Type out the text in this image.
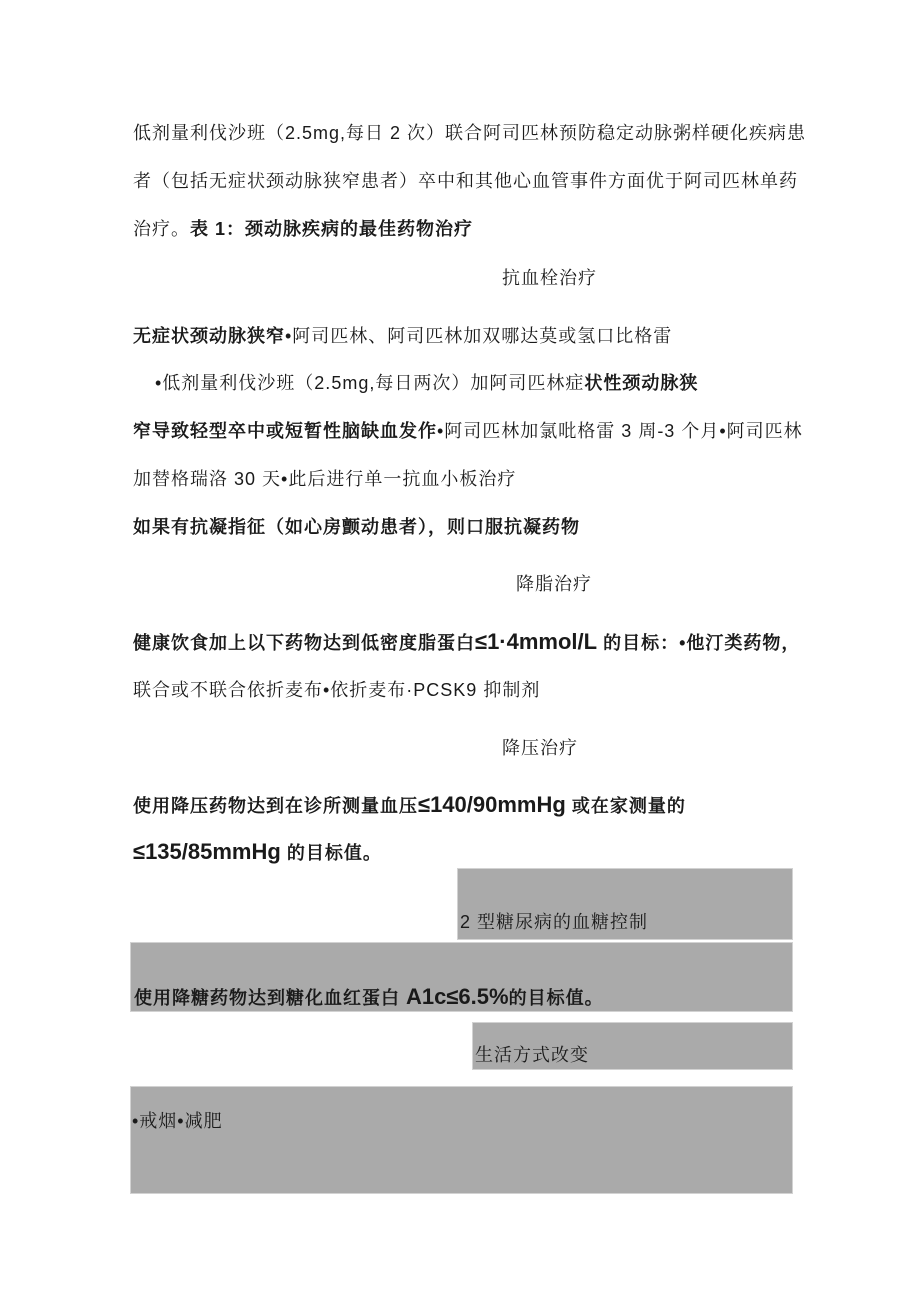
低剂量利伐沙班（2.5mg,每日 2 次）联合阿司匹林预防稳定动脉粥样硬化疾病患
者（包括无症状颈动脉狭窄患者）卒中和其他心血管事件方面优于阿司匹林单药
治疗。表 1：颈动脉疾病的最佳药物治疗
抗血栓治疗
无症状颈动脉狭窄•阿司匹林、阿司匹林加双哪达莫或氢口比格雷
•低剂量利伐沙班（2.5mg,每日两次）加阿司匹林症状性颈动脉狭
窄导致轻型卒中或短暂性脑缺血发作•阿司匹林加氯吡格雷 3 周-3 个月•阿司匹林
加替格瑞洛 30 天•此后进行单一抗血小板治疗
如果有抗凝指征（如心房颤动患者），则口服抗凝药物
降脂治疗
健康饮食加上以下药物达到低密度脂蛋白≤1·4mmol/L 的目标：•他汀类药物，
联合或不联合依折麦布•依折麦布·PCSK9 抑制剂
降压治疗
使用降压药物达到在诊所测量血压≤140/90mmHg 或在家测量的
≤135/85mmHg 的目标值。
2 型糖尿病的血糖控制
使用降糖药物达到糖化血红蛋白 A1c≤6.5%的目标值。
生活方式改变
•戒烟•减肥
